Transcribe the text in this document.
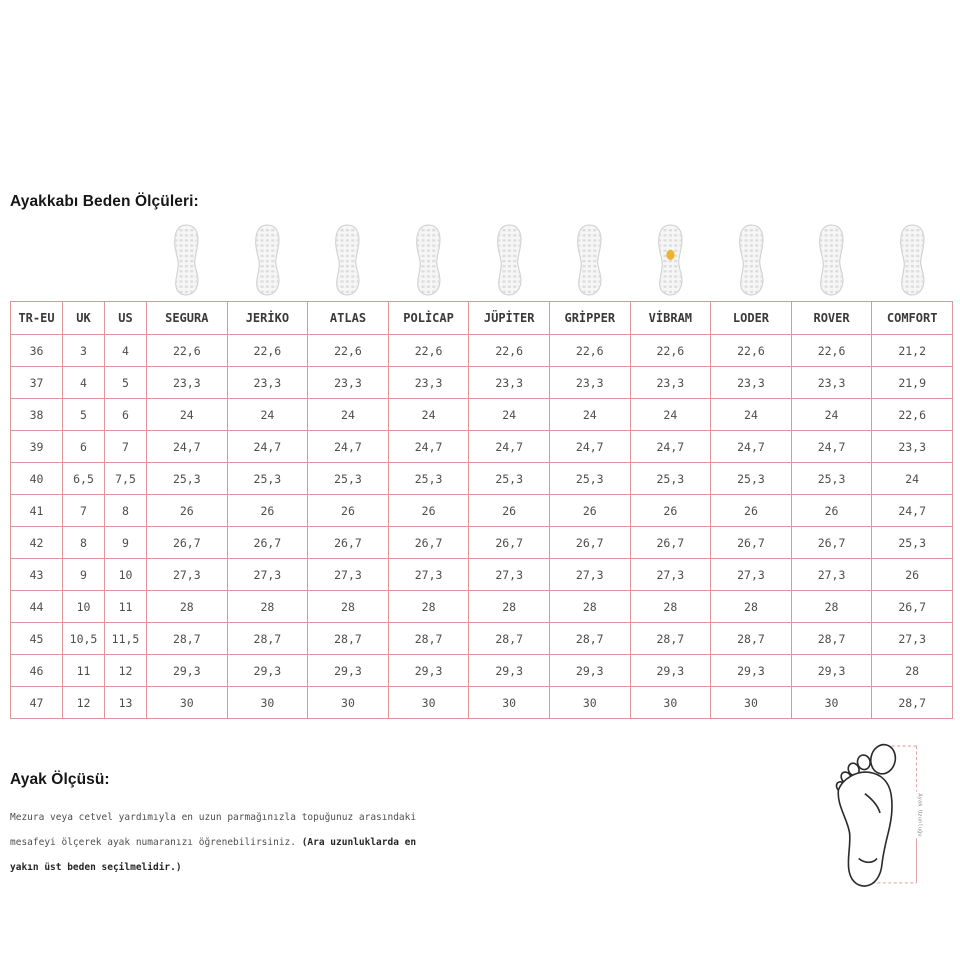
Ayakkabı Beden Ölçüleri:
TR-EU	UK	US	SEGURA	JERİKO	ATLAS	POLİCAP	JÜPİTER	GRİPPER	VİBRAM	LODER	ROVER	COMFORT
36	3	4	22,6	22,6	22,6	22,6	22,6	22,6	22,6	22,6	22,6	21,2
37	4	5	23,3	23,3	23,3	23,3	23,3	23,3	23,3	23,3	23,3	21,9
38	5	6	24	24	24	24	24	24	24	24	24	22,6
39	6	7	24,7	24,7	24,7	24,7	24,7	24,7	24,7	24,7	24,7	23,3
40	6,5	7,5	25,3	25,3	25,3	25,3	25,3	25,3	25,3	25,3	25,3	24
41	7	8	26	26	26	26	26	26	26	26	26	24,7
42	8	9	26,7	26,7	26,7	26,7	26,7	26,7	26,7	26,7	26,7	25,3
43	9	10	27,3	27,3	27,3	27,3	27,3	27,3	27,3	27,3	27,3	26
44	10	11	28	28	28	28	28	28	28	28	28	26,7
45	10,5	11,5	28,7	28,7	28,7	28,7	28,7	28,7	28,7	28,7	28,7	27,3
46	11	12	29,3	29,3	29,3	29,3	29,3	29,3	29,3	29,3	29,3	28
47	12	13	30	30	30	30	30	30	30	30	30	28,7
Ayak Ölçüsü:

Mezura veya cetvel yardımıyla en uzun parmağınızla topuğunuz arasındaki mesafeyi ölçerek ayak numaranızı öğrenebilirsiniz. (Ara uzunluklarda en yakın üst beden seçilmelidir.)

Ayak Uzunluğu
